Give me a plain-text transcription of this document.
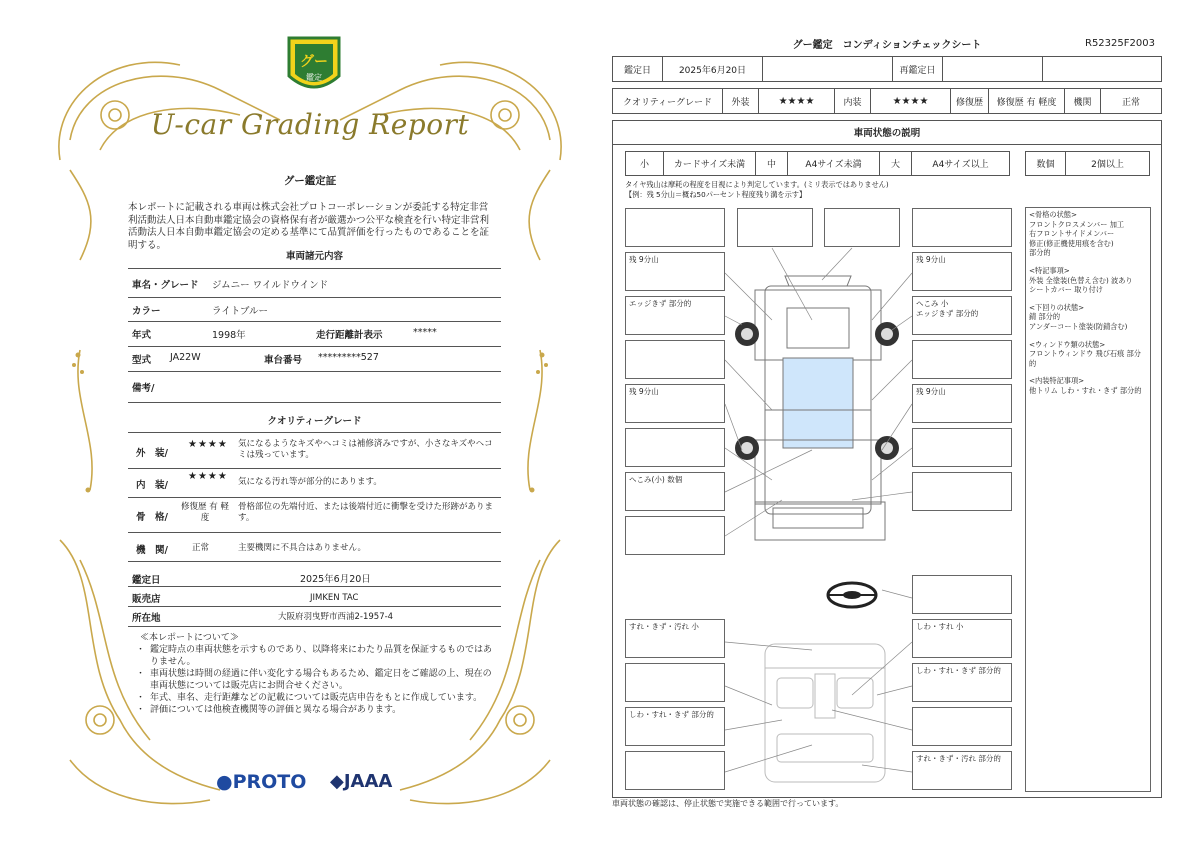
グー
鑑定
U-car Grading Report
グー鑑定証
本レポートに記載される車両は株式会社プロトコーポレーションが委託する特定非営利活動法人日本自動車鑑定協会の資格保有者が厳選かつ公平な検査を行い特定非営利活動法人日本自動車鑑定協会の定める基準にて品質評価を行ったものであることを証明する。
車両諸元内容
車名・グレード ジムニー ワイルドウインド
カラー	ライトブルー
年式	1998年	走行距離計表示	*****
型式 JA22W	車台番号 *********527
備考/
クオリティーグレード
外　装/
★★★★ 気になるようなキズやヘコミは補修済みですが、小さなキズやヘコミは残っています。
内　装/
★★★★ 気になる汚れ等が部分的にあります。
骨　格/
修復歴 有 軽度
骨格部位の先端付近、または後端付近に衝撃を受けた形跡があります。
機　関/	正常	主要機関に不具合はありません。
鑑定日	2025年6月20日
販売店	JIMKEN TAC
所在地	大阪府羽曳野市西浦2-1957-4
≪本レポートについて≫
・ 鑑定時点の車両状態を示すものであり、以降将来にわたり品質を保証するものではありません。
・ 車両状態は時間の経過に伴い変化する場合もあるため、鑑定日をご確認の上、現在の車両状態については販売店にお問合せください。
・ 年式、車名、走行距離などの記載については販売店申告をもとに作成しています。
・ 評価については他検査機関等の評価と異なる場合があります。
●PROTO ◆JAAA
グー鑑定　コンディションチェックシート	R52325F2003
鑑定日	2025年6月20日	再鑑定日
クオリティーグレード	外装	★★★★	内装	★★★★	修復歴	修復歴 有 軽度	機関	正常
車両状態の説明
小	カードサイズ未満	中	A4サイズ未満	大	A4サイズ以上	数個	2個以上
タイヤ残山は摩耗の程度を目視により判定しています。(ミリ表示ではありません)
【例：残 5分山＝概ね50パーセント程度残り溝を示す】
残 9分山
エッジきず 部分的
残 9分山
へこみ(小) 数個
残 9分山
へこみ 小
エッジきず 部分的
残 9分山
すれ・きず・汚れ 小
しわ・すれ・きず 部分的
しわ・すれ 小
しわ・すれ・きず 部分的
すれ・きず・汚れ 部分的

<骨格の状態>
フロントクロスメンバー 加工
右フロントサイドメンバー
修正(修正機使用痕を含む)
部分的

<特記事項>
外装 全塗装(色替え含む) 波あり
シートカバー 取り付け

<下回りの状態>
錆 部分的
アンダーコート塗装(防錆含む)

<ウィンドウ類の状態>
フロントウィンドウ 飛び石痕 部分的

<内装特記事項>
他トリム しわ・すれ・きず 部分的

車両状態の確認は、停止状態で実施できる範囲で行っています。
